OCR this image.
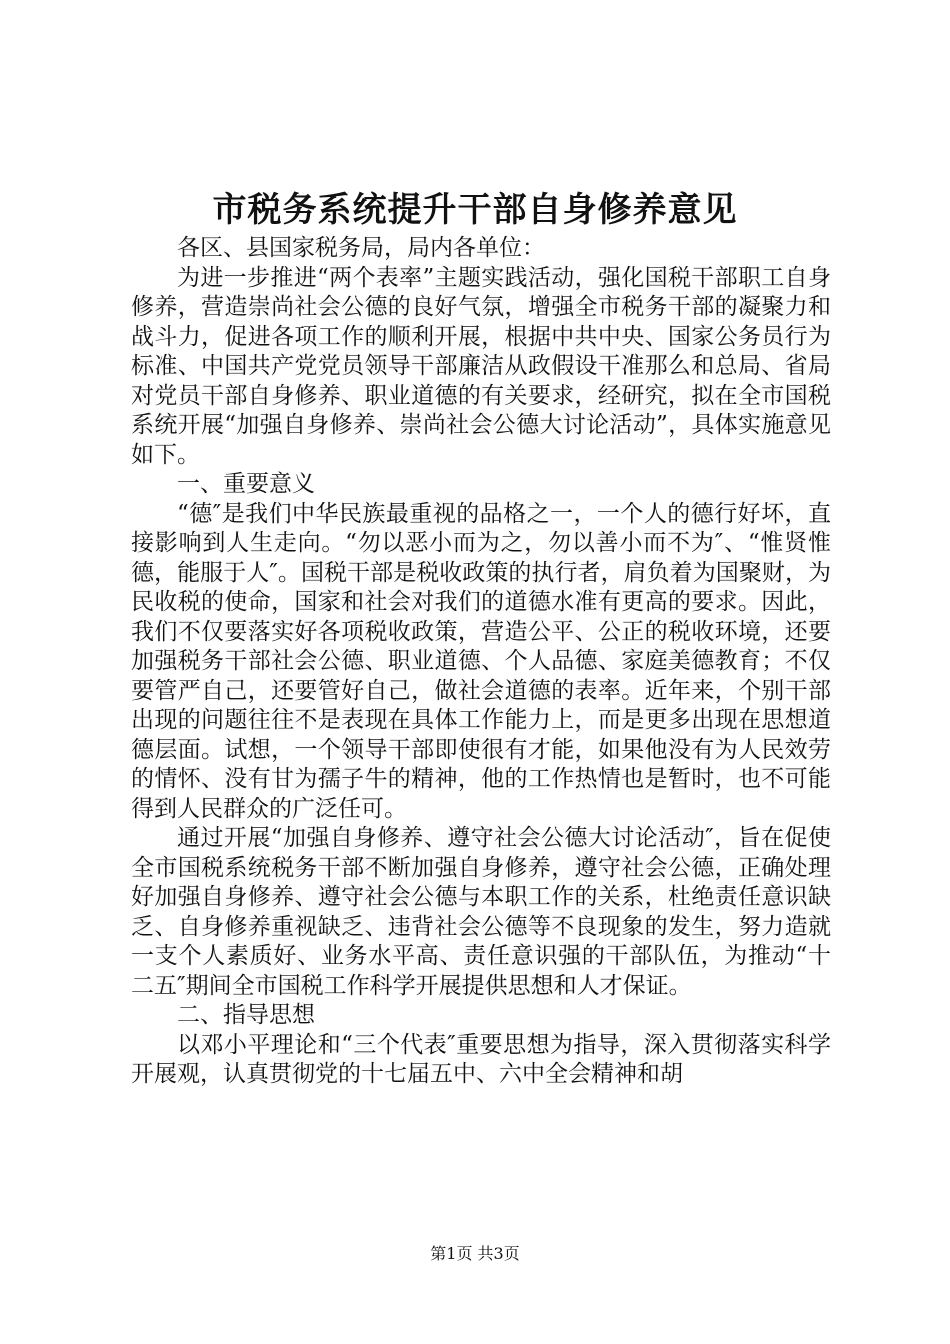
市税务系统提升干部自身修养意见

各区、县国家税务局，局内各单位：

为进一步推进“两个表率”主题实践活动，强化国税干部职工自身修养，营造崇尚社会公德的良好气氛，增强全市税务干部的凝聚力和战斗力，促进各项工作的顺利开展，根据中共中央、国家公务员行为标准、中国共产党党员领导干部廉洁从政假设干准那么和总局、省局对党员干部自身修养、职业道德的有关要求，经研究，拟在全市国税系统开展“加强自身修养、崇尚社会公德大讨论活动”，具体实施意见如下。

一、重要意义

“德″是我们中华民族最重视的品格之一，一个人的德行好坏，直接影响到人生走向。“勿以恶小而为之，勿以善小而不为″、“惟贤惟德，能服于人″。国税干部是税收政策的执行者，肩负着为国聚财，为民收税的使命，国家和社会对我们的道德水准有更高的要求。因此，我们不仅要落实好各项税收政策，营造公平、公正的税收环境，还要加强税务干部社会公德、职业道德、个人品德、家庭美德教育；不仅要管严自己，还要管好自己，做社会道德的表率。近年来，个别干部出现的问题往往不是表现在具体工作能力上，而是更多出现在思想道德层面。试想，一个领导干部即使很有才能，如果他没有为人民效劳的情怀、没有甘为孺子牛的精神，他的工作热情也是暂时，也不可能得到人民群众的广泛任可。

通过开展“加强自身修养、遵守社会公德大讨论活动″，旨在促使全市国税系统税务干部不断加强自身修养，遵守社会公德，正确处理好加强自身修养、遵守社会公德与本职工作的关系，杜绝责任意识缺乏、自身修养重视缺乏、违背社会公德等不良现象的发生，努力造就一支个人素质好、业务水平高、责任意识强的干部队伍，为推动“十二五″期间全市国税工作科学开展提供思想和人才保证。

二、指导思想

以邓小平理论和“三个代表″重要思想为指导，深入贯彻落实科学开展观，认真贯彻党的十七届五中、六中全会精神和胡

第1页 共3页
